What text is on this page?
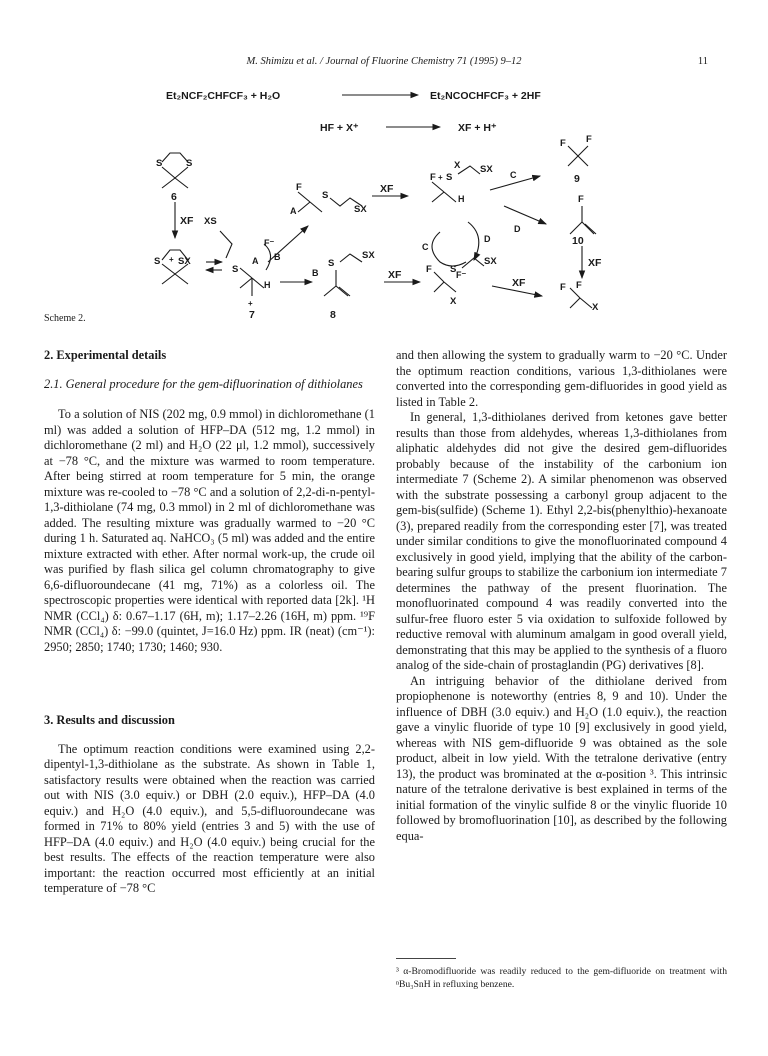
M. Shimizu et al. / Journal of Fluorine Chemistry 71 (1995) 9–12	11
Et₂NCF₂CHFCF₃ + H₂O	Et₂NCOCHFCF₃ + 2HF
HF + X⁺	XF + H⁺
S S
6
XF XS
S + SX
S
A
F⁻
B
H
+
7
A
F
S
SX
XF
F + S
X SX
H
C
F⁻
D
C
D
F F
9
F
10
XF
B
S
SX
8
XF	F S
SX
X
XF	F F
X
Scheme 2.
2. Experimental details
2.1. General procedure for the gem-difluorination of dithiolanes

To a solution of NIS (202 mg, 0.9 mmol) in dichloromethane (1 ml) was added a solution of HFP–DA (512 mg, 1.2 mmol) in dichloromethane (2 ml) and H₂O (22 μl, 1.2 mmol), successively at −78 °C, and the mixture was warmed to room temperature. After being stirred at room temperature for 5 min, the orange mixture was re-cooled to −78 °C and a solution of 2,2-di-n-pentyl-1,3-dithiolane (74 mg, 0.3 mmol) in 2 ml of dichloromethane was added. The resulting mixture was gradually warmed to −20 °C during 1 h. Saturated aq. NaHCO₃ (5 ml) was added and the entire mixture extracted with ether. After normal work-up, the crude oil was purified by flash silica gel column chromatography to give 6,6-difluoroundecane (41 mg, 71%) as a colorless oil. The spectroscopic properties were identical with reported data [2k]. ¹H NMR (CCl₄) δ: 0.67–1.17 (6H, m); 1.17–2.26 (16H, m) ppm. ¹⁹F NMR (CCl₄) δ: −99.0 (quintet, J=16.0 Hz) ppm. IR (neat) (cm⁻¹): 2950; 2850; 1740; 1730; 1460; 930.

3. Results and discussion

The optimum reaction conditions were examined using 2,2-dipentyl-1,3-dithiolane as the substrate. As shown in Table 1, satisfactory results were obtained when the reaction was carried out with NIS (3.0 equiv.) or DBH (2.0 equiv.), HFP–DA (4.0 equiv.) and H₂O (4.0 equiv.), and 5,5-difluoroundecane was formed in 71% to 80% yield (entries 3 and 5) with the use of HFP–DA (4.0 equiv.) and H₂O (4.0 equiv.) being crucial for the best results. The effects of the reaction temperature were also important: the reaction occurred most efficiently at an initial temperature of −78 °C

and then allowing the system to gradually warm to −20 °C. Under the optimum reaction conditions, various 1,3-dithiolanes were converted into the corresponding gem-difluorides in good yield as listed in Table 2.

In general, 1,3-dithiolanes derived from ketones gave better results than those from aldehydes, whereas 1,3-dithiolanes from aliphatic aldehydes did not give the desired gem-difluorides probably because of the instability of the carbonium ion intermediate 7 (Scheme 2). A similar phenomenon was observed with the substrate possessing a carbonyl group adjacent to the gem-bis(sulfide) (Scheme 1). Ethyl 2,2-bis(phenylthio)-hexanoate (3), prepared readily from the corresponding ester [7], was treated under similar conditions to give the monofluorinated compound 4 exclusively in good yield, implying that the ability of the carbon-bearing sulfur groups to stabilize the carbonium ion intermediate 7 determines the pathway of the present fluorination. The monofluorinated compound 4 was readily converted into the sulfur-free fluoro ester 5 via oxidation to sulfoxide followed by reductive removal with aluminum amalgam in good overall yield, demonstrating that this may be applied to the synthesis of a fluoro analog of the side-chain of prostaglandin (PG) derivatives [8].

An intriguing behavior of the dithiolane derived from propiophenone is noteworthy (entries 8, 9 and 10). Under the influence of DBH (3.0 equiv.) and H₂O (1.0 equiv.), the reaction gave a vinylic fluoride of type 10 [9] exclusively in good yield, whereas with NIS gem-difluoride 9 was obtained as the sole product, albeit in low yield. With the tetralone derivative (entry 13), the product was brominated at the α-position ³. This intrinsic nature of the tetralone derivative is best explained in terms of the initial formation of the vinylic sulfide 8 or the vinylic fluoride 10 followed by bromofluorination [10], as described by the following equa-

³ α-Bromodifluoride was readily reduced to the gem-difluoride on treatment with ⁿBu₃SnH in refluxing benzene.
